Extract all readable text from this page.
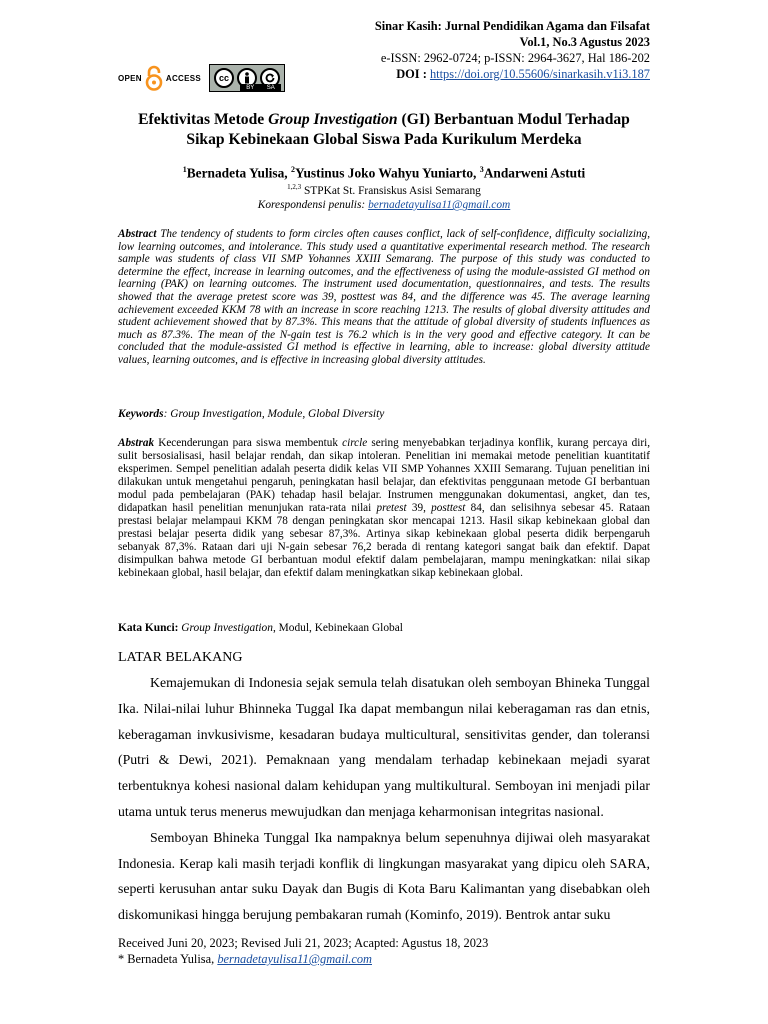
Sinar Kasih: Jurnal Pendidikan Agama dan Filsafat
Vol.1, No.3 Agustus 2023
e-ISSN: 2962-0724; p-ISSN: 2964-3627, Hal 186-202
DOI : https://doi.org/10.55606/sinarkasih.v1i3.187
OPEN	ACCESS	cc
BY SA
Efektivitas Metode Group Investigation (GI) Berbantuan Modul Terhadap Sikap Kebinekaan Global Siswa Pada Kurikulum Merdeka
$^1$Bernadeta Yulisa, $^2$Yustinus Joko Wahyu Yuniarto, $^3$Andarweni Astuti
$^{1,2,3}$ STPKat St. Fransiskus Asisi Semarang
Korespondensi penulis: bernadetayulisa11@gmail.com
Abstract The tendency of students to form circles often causes conflict, lack of self-confidence, difficulty socializing, low learning outcomes, and intolerance. This study used a quantitative experimental research method. The research sample was students of class VII SMP Yohannes XXIII Semarang. The purpose of this study was conducted to determine the effect, increase in learning outcomes, and the effectiveness of using the module-assisted GI method on learning (PAK) on learning outcomes. The instrument used documentation, questionnaires, and tests. The results showed that the average pretest score was 39, posttest was 84, and the difference was 45. The average learning achievement exceeded KKM 78 with an increase in score reaching 1213. The results of global diversity attitudes and student achievement showed that by 87.3%. This means that the attitude of global diversity of students influences as much as 87.3%. The mean of the N-gain test is 76.2 which is in the very good and effective category. It can be concluded that the module-assisted GI method is effective in learning, able to increase: global diversity attitude values, learning outcomes, and is effective in increasing global diversity attitudes.
Keywords: Group Investigation, Module, Global Diversity
Abstrak Kecenderungan para siswa membentuk circle sering menyebabkan terjadinya konflik, kurang percaya diri, sulit bersosialisasi, hasil belajar rendah, dan sikap intoleran. Penelitian ini memakai metode penelitian kuantitatif eksperimen. Sempel penelitian adalah peserta didik kelas VII SMP Yohannes XXIII Semarang. Tujuan penelitian ini dilakukan untuk mengetahui pengaruh, peningkatan hasil belajar, dan efektivitas penggunaan metode GI berbantuan modul pada pembelajaran (PAK) tehadap hasil belajar. Instrumen menggunakan dokumentasi, angket, dan tes, didapatkan hasil penelitian menunjukan rata-rata nilai pretest 39, posttest 84, dan selisihnya sebesar 45. Rataan prestasi belajar melampaui KKM 78 dengan peningkatan skor mencapai 1213. Hasil sikap kebinekaan global dan prestasi belajar peserta didik yang sebesar 87,3%. Artinya sikap kebinekaan global peserta didik berpengaruh sebanyak 87,3%. Rataan dari uji N-gain sebesar 76,2 berada di rentang kategori sangat baik dan efektif. Dapat disimpulkan bahwa metode GI berbantuan modul efektif dalam pembelajaran, mampu meningkatkan: nilai sikap kebinekaan global, hasil belajar, dan efektif dalam meningkatkan sikap kebinekaan global.
Kata Kunci: Group Investigation, Modul, Kebinekaan Global
LATAR BELAKANG

Kemajemukan di Indonesia sejak semula telah disatukan oleh semboyan Bhineka Tunggal Ika. Nilai-nilai luhur Bhinneka Tuggal Ika dapat membangun nilai keberagaman ras dan etnis, keberagaman invkusivisme, kesadaran budaya multicultural, sensitivitas gender, dan toleransi (Putri & Dewi, 2021). Pemaknaan yang mendalam terhadap kebinekaan mejadi syarat terbentuknya kohesi nasional dalam kehidupan yang multikultural. Semboyan ini menjadi pilar utama untuk terus menerus mewujudkan dan menjaga keharmonisan integritas nasional.

Semboyan Bhineka Tunggal Ika nampaknya belum sepenuhnya dijiwai oleh masyarakat Indonesia. Kerap kali masih terjadi konflik di lingkungan masyarakat yang dipicu oleh SARA, seperti kerusuhan antar suku Dayak dan Bugis di Kota Baru Kalimantan yang disebabkan oleh diskomunikasi hingga berujung pembakaran rumah (Kominfo, 2019). Bentrok antar suku

Received Juni 20, 2023; Revised Juli 21, 2023; Acapted: Agustus 18, 2023
* Bernadeta Yulisa, bernadetayulisa11@gmail.com
